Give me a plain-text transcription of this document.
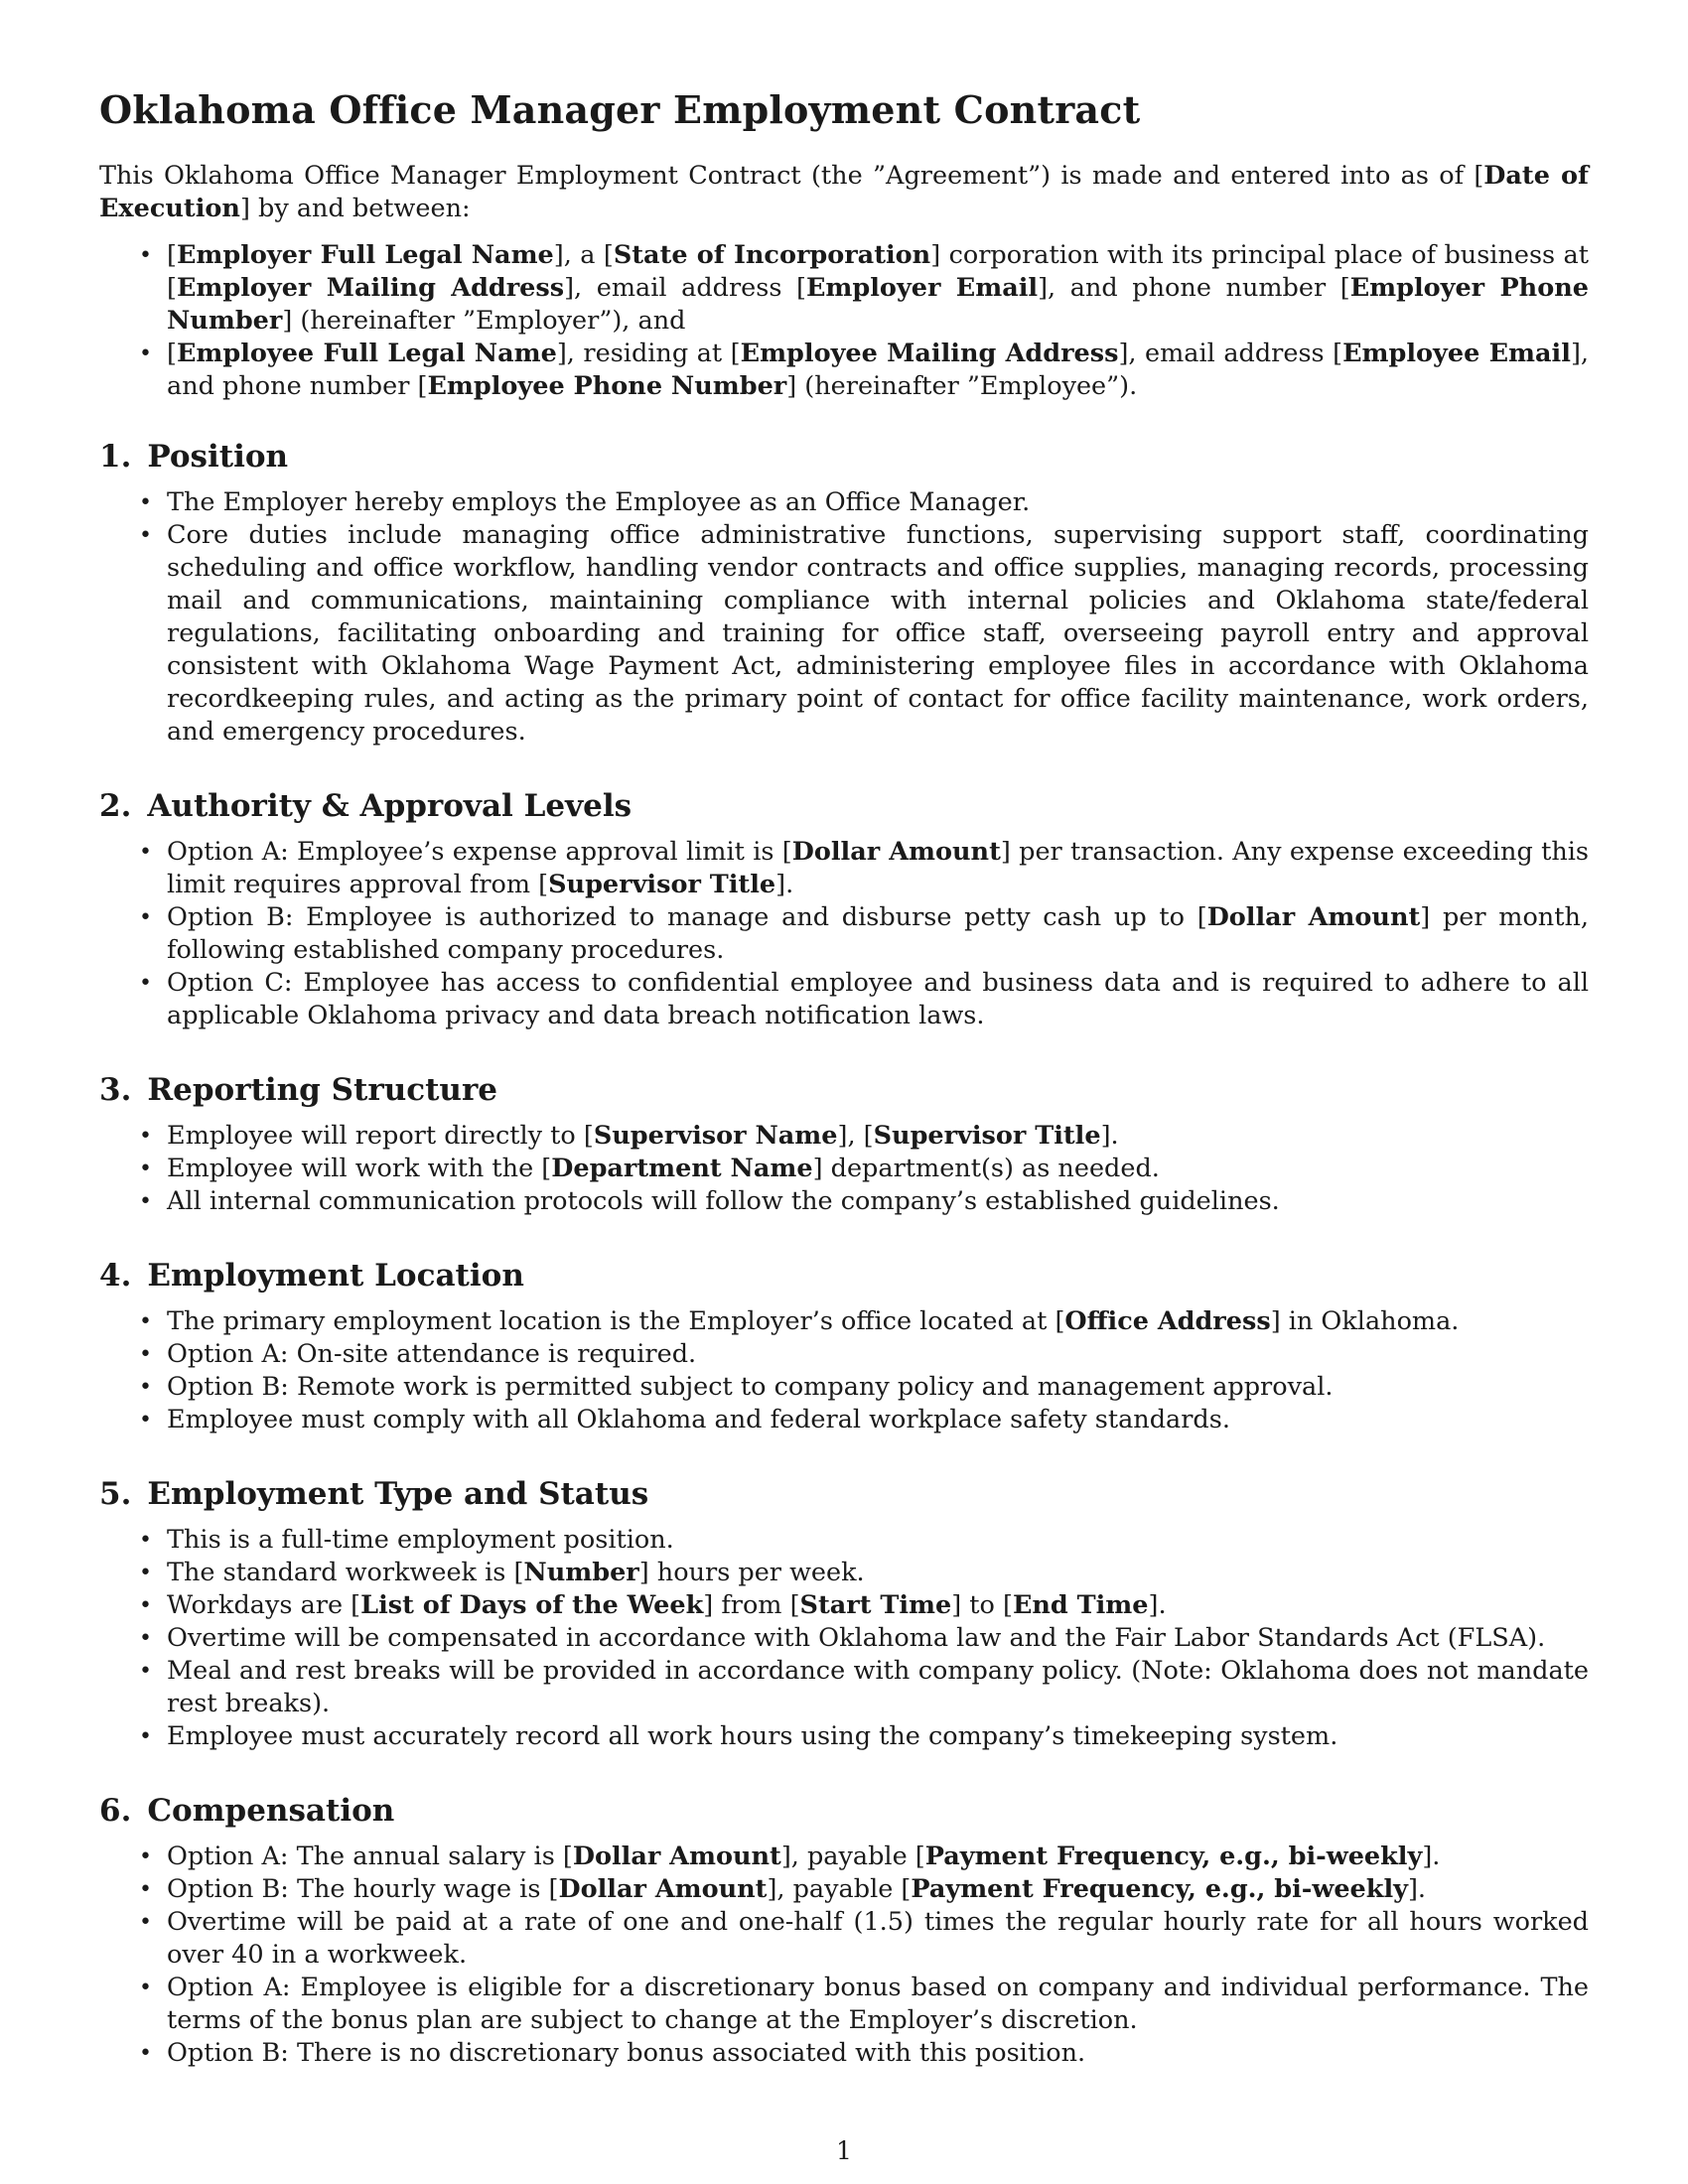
Oklahoma Office Manager Employment Contract

This Oklahoma Office Manager Employment Contract (the ”Agreement”) is made and entered into as of [Date of Execution] by and between:

• [Employer Full Legal Name], a [State of Incorporation] corporation with its principal place of business at [Employer Mailing Address], email address [Employer Email], and phone number [Employer Phone Number] (hereinafter ”Employer”), and
• [Employee Full Legal Name], residing at [Employee Mailing Address], email address [Employee Email], and phone number [Employee Phone Number] (hereinafter ”Employee”).
1. Position
• The Employer hereby employs the Employee as an Office Manager.
• Core duties include managing office administrative functions, supervising support staff, coordinating scheduling and office workflow, handling vendor contracts and office supplies, managing records, processing mail and communications, maintaining compliance with internal policies and Oklahoma state/federal regulations, facilitating onboarding and training for office staff, overseeing payroll entry and approval consistent with Oklahoma Wage Payment Act, administering employee files in accordance with Oklahoma recordkeeping rules, and acting as the primary point of contact for office facility maintenance, work orders, and emergency procedures.
2. Authority & Approval Levels
• Option A: Employee’s expense approval limit is [Dollar Amount] per transaction. Any expense exceeding this limit requires approval from [Supervisor Title].
• Option B: Employee is authorized to manage and disburse petty cash up to [Dollar Amount] per month, following established company procedures.
• Option C: Employee has access to confidential employee and business data and is required to adhere to all applicable Oklahoma privacy and data breach notification laws.
3. Reporting Structure
• Employee will report directly to [Supervisor Name], [Supervisor Title].
• Employee will work with the [Department Name] department(s) as needed.
• All internal communication protocols will follow the company’s established guidelines.
4. Employment Location
• The primary employment location is the Employer’s office located at [Office Address] in Oklahoma.
• Option A: On-site attendance is required.
• Option B: Remote work is permitted subject to company policy and management approval.
• Employee must comply with all Oklahoma and federal workplace safety standards.
5. Employment Type and Status
• This is a full-time employment position.
• The standard workweek is [Number] hours per week.
• Workdays are [List of Days of the Week] from [Start Time] to [End Time].
• Overtime will be compensated in accordance with Oklahoma law and the Fair Labor Standards Act (FLSA).
• Meal and rest breaks will be provided in accordance with company policy. (Note: Oklahoma does not mandate rest breaks).
• Employee must accurately record all work hours using the company’s timekeeping system.
6. Compensation
• Option A: The annual salary is [Dollar Amount], payable [Payment Frequency, e.g., bi-weekly].
• Option B: The hourly wage is [Dollar Amount], payable [Payment Frequency, e.g., bi-weekly].
• Overtime will be paid at a rate of one and one-half (1.5) times the regular hourly rate for all hours worked over 40 in a workweek.
• Option A: Employee is eligible for a discretionary bonus based on company and individual performance. The terms of the bonus plan are subject to change at the Employer’s discretion.
• Option B: There is no discretionary bonus associated with this position.
1
